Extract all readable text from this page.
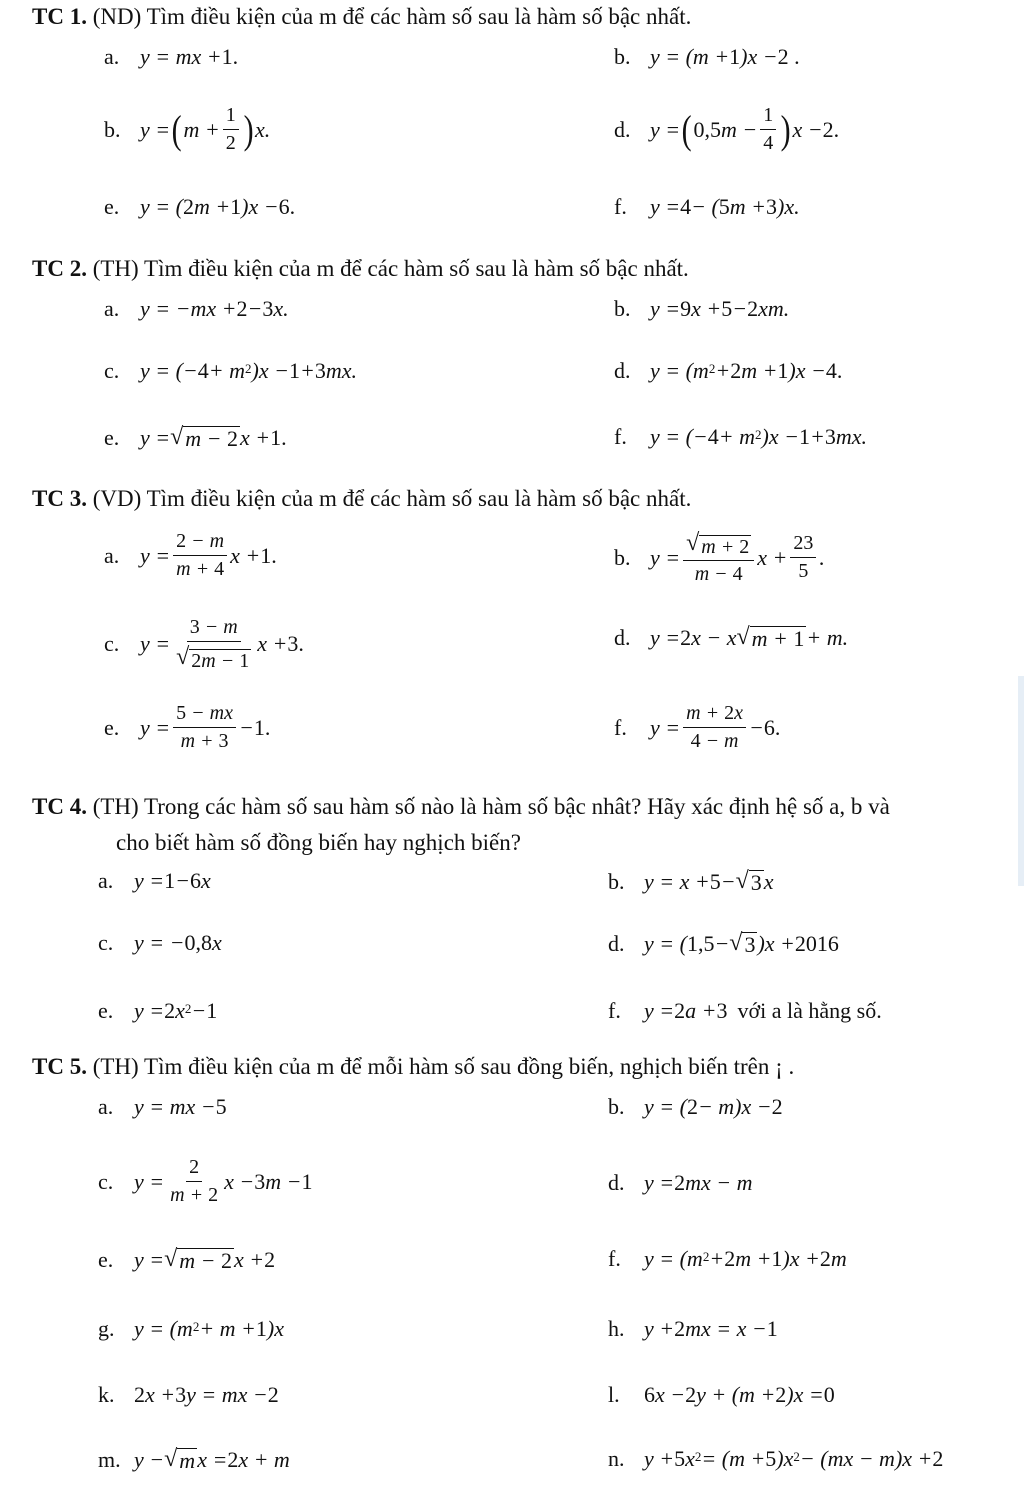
TC 1. (ND) Tìm điều kiện của m để các hàm số sau là hàm số bậc nhất.
a. y = mx + 1.	b. y = (m + 1 )x − 2 .
b. y = ( $m + \frac{1}{2}$ ) x.	d. y = ( 0,5 $m - \frac{1}{4}$ ) x − 2.
e. y = ( 2 m + 1 )x − 6.	f.	y = 4 − ( 5 m + 3 )x.
TC 2. (TH) Tìm điều kiện của m để các hàm số sau là hàm số bậc nhất.
a. y = −mx + 2 − 3 x.	b. y = 9 x + 5 − 2 xm.
c. y = (− $4 + m^2$ )x − 1 + 3 mx.	d. $y = (m^2 + 2$ m + 1 )x − 4.
e. y = √ m − 2 x + 1.	f.	y = (− $4 + m^2$ )x − 1 + 3 mx.
TC 3. (VD) Tìm điều kiện của m để các hàm số sau là hàm số bậc nhất.
a. $y = \frac{2 - m}{m + 4}$ x + 1.	b. $y = \frac{√ m + 2}{m - 4}$ $x + \frac{23}{5}$ .
c. $y = \frac{3 - m}{√ 2m - 1}$ x + 3.	d. y = 2 x − x √ m + 1 + m.
e. $y = \frac{5 - mx}{m + 3} - 1$.	f.	$y = \frac{m + 2x}{4 - m} - 6$.
TC 4. (TH) Trong các hàm số sau hàm số nào là hàm số bậc nhât? Hãy xác định hệ số a, b và
cho biết hàm số đồng biến hay nghịch biến?
a. y = 1 − 6 x	b. y = x + 5 − √ 3 x
c. y = − 0,8 x	d. y = ( 1,5 − √ 3 )x + 2016
e. y = 2 $x^2 - 1$	f.	y = 2 a + 3 với a là hằng số.
TC 5. (TH) Tìm điều kiện của m để mỗi hàm số sau đồng biến, nghịch biến trên ¡ .
a. y = mx − 5	b. y = ( 2 − m)x − 2
c. $y = \frac{2}{m + 2}$ x − 3 m − 1	d. y = 2 mx − m
e. y = √ m − 2 x + 2	f.	$y = (m^2 + 2$ m + 1 )x + 2 m
g. $y = (m^2 + m + 1$ )x	h. y + 2 mx = x − 1
k. 2 x + 3 y = mx − 2	l.	6 x − 2 y + (m + 2 )x = 0
m. y − √ m x = 2 x + m	n. y + 5 $x^2 = (m + 5$ )$x^2 - (mx - m)x + 2$
